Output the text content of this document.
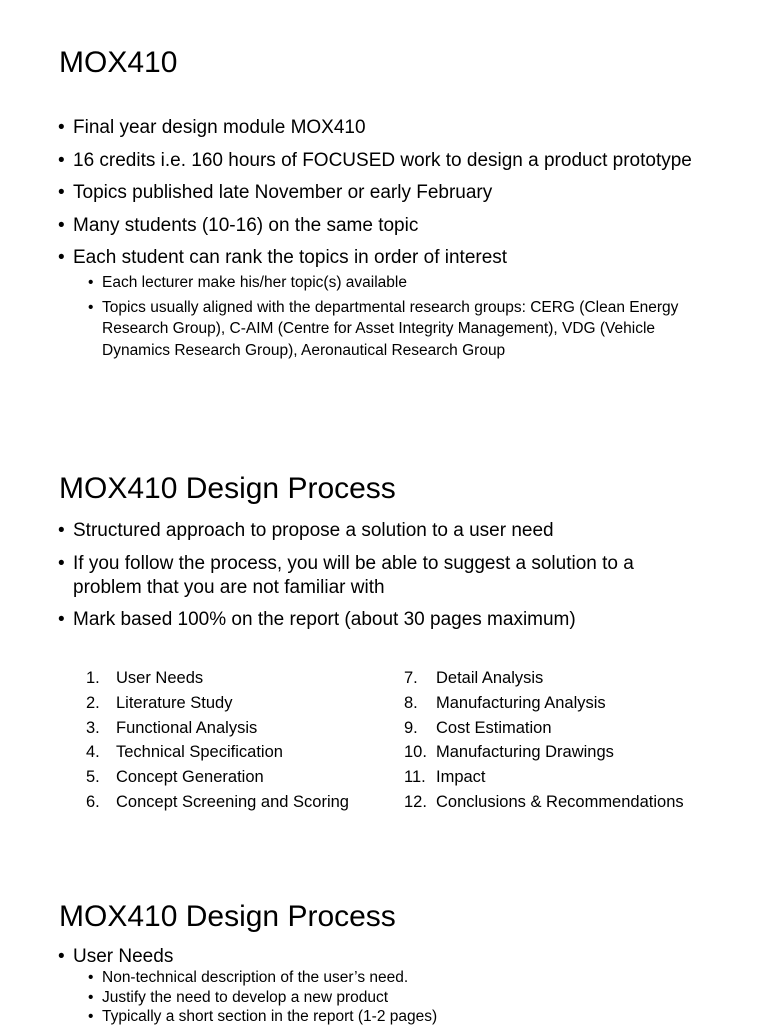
MOX410
• Final year design module MOX410
• 16 credits i.e. 160 hours of FOCUSED work to design a product prototype
• Topics published late November or early February
• Many students (10-16) on the same topic
• Each student can rank the topics in order of interest
• Each lecturer make his/her topic(s) available
• Topics usually aligned with the departmental research groups: CERG (Clean Energy Research Group), C-AIM (Centre for Asset Integrity Management), VDG (Vehicle Dynamics Research Group), Aeronautical Research Group
MOX410 Design Process
• Structured approach to propose a solution to a user need
• If you follow the process, you will be able to suggest a solution to a problem that you are not familiar with
• Mark based 100% on the report (about 30 pages maximum)
1. User Needs
2. Literature Study
3. Functional Analysis
4. Technical Specification
5. Concept Generation
6. Concept Screening and Scoring
7. Detail Analysis
8. Manufacturing Analysis
9. Cost Estimation
10. Manufacturing Drawings
11. Impact
12. Conclusions & Recommendations
MOX410 Design Process
• User Needs
• Non-technical description of the user’s need.
• Justify the need to develop a new product
• Typically a short section in the report (1-2 pages)
